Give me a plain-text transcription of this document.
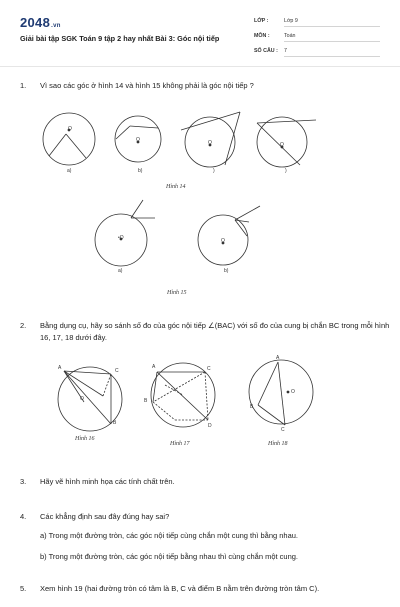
2048.vn
Giải bài tập SGK Toán 9 tập 2 hay nhất Bài 3: Góc nội tiếp
LỚP :	Lớp 9
MÔN :	Toán
SỐ CÂU : 7
1. Vì sao các góc ở hình 14 và hình 15 không phải là góc nội tiếp ?
O
O	O	O
a)	b)	)	)
Hình 14
•O	O
a)	b)
Hình 15
2. Bằng dụng cụ, hãy so sánh số đo của góc nội tiếp ∠(BAC) với số đo của cung bị chắn BC trong mỗi hình 16, 17, 18 dưới đây.
A	C
O
B
Hình 16
A	C
B
D
Hình 17
A
O
B
C
Hình 18
3. Hãy vẽ hình minh họa các tính chất trên.
4. Các khẳng định sau đây đúng hay sai?
a) Trong một đường tròn, các góc nội tiếp cùng chắn một cung thì bằng nhau.
b) Trong một đường tròn, các góc nội tiếp bằng nhau thì cùng chắn một cung.
5. Xem hình 19 (hai đường tròn có tâm là B, C và điểm B nằm trên đường tròn tâm C).
